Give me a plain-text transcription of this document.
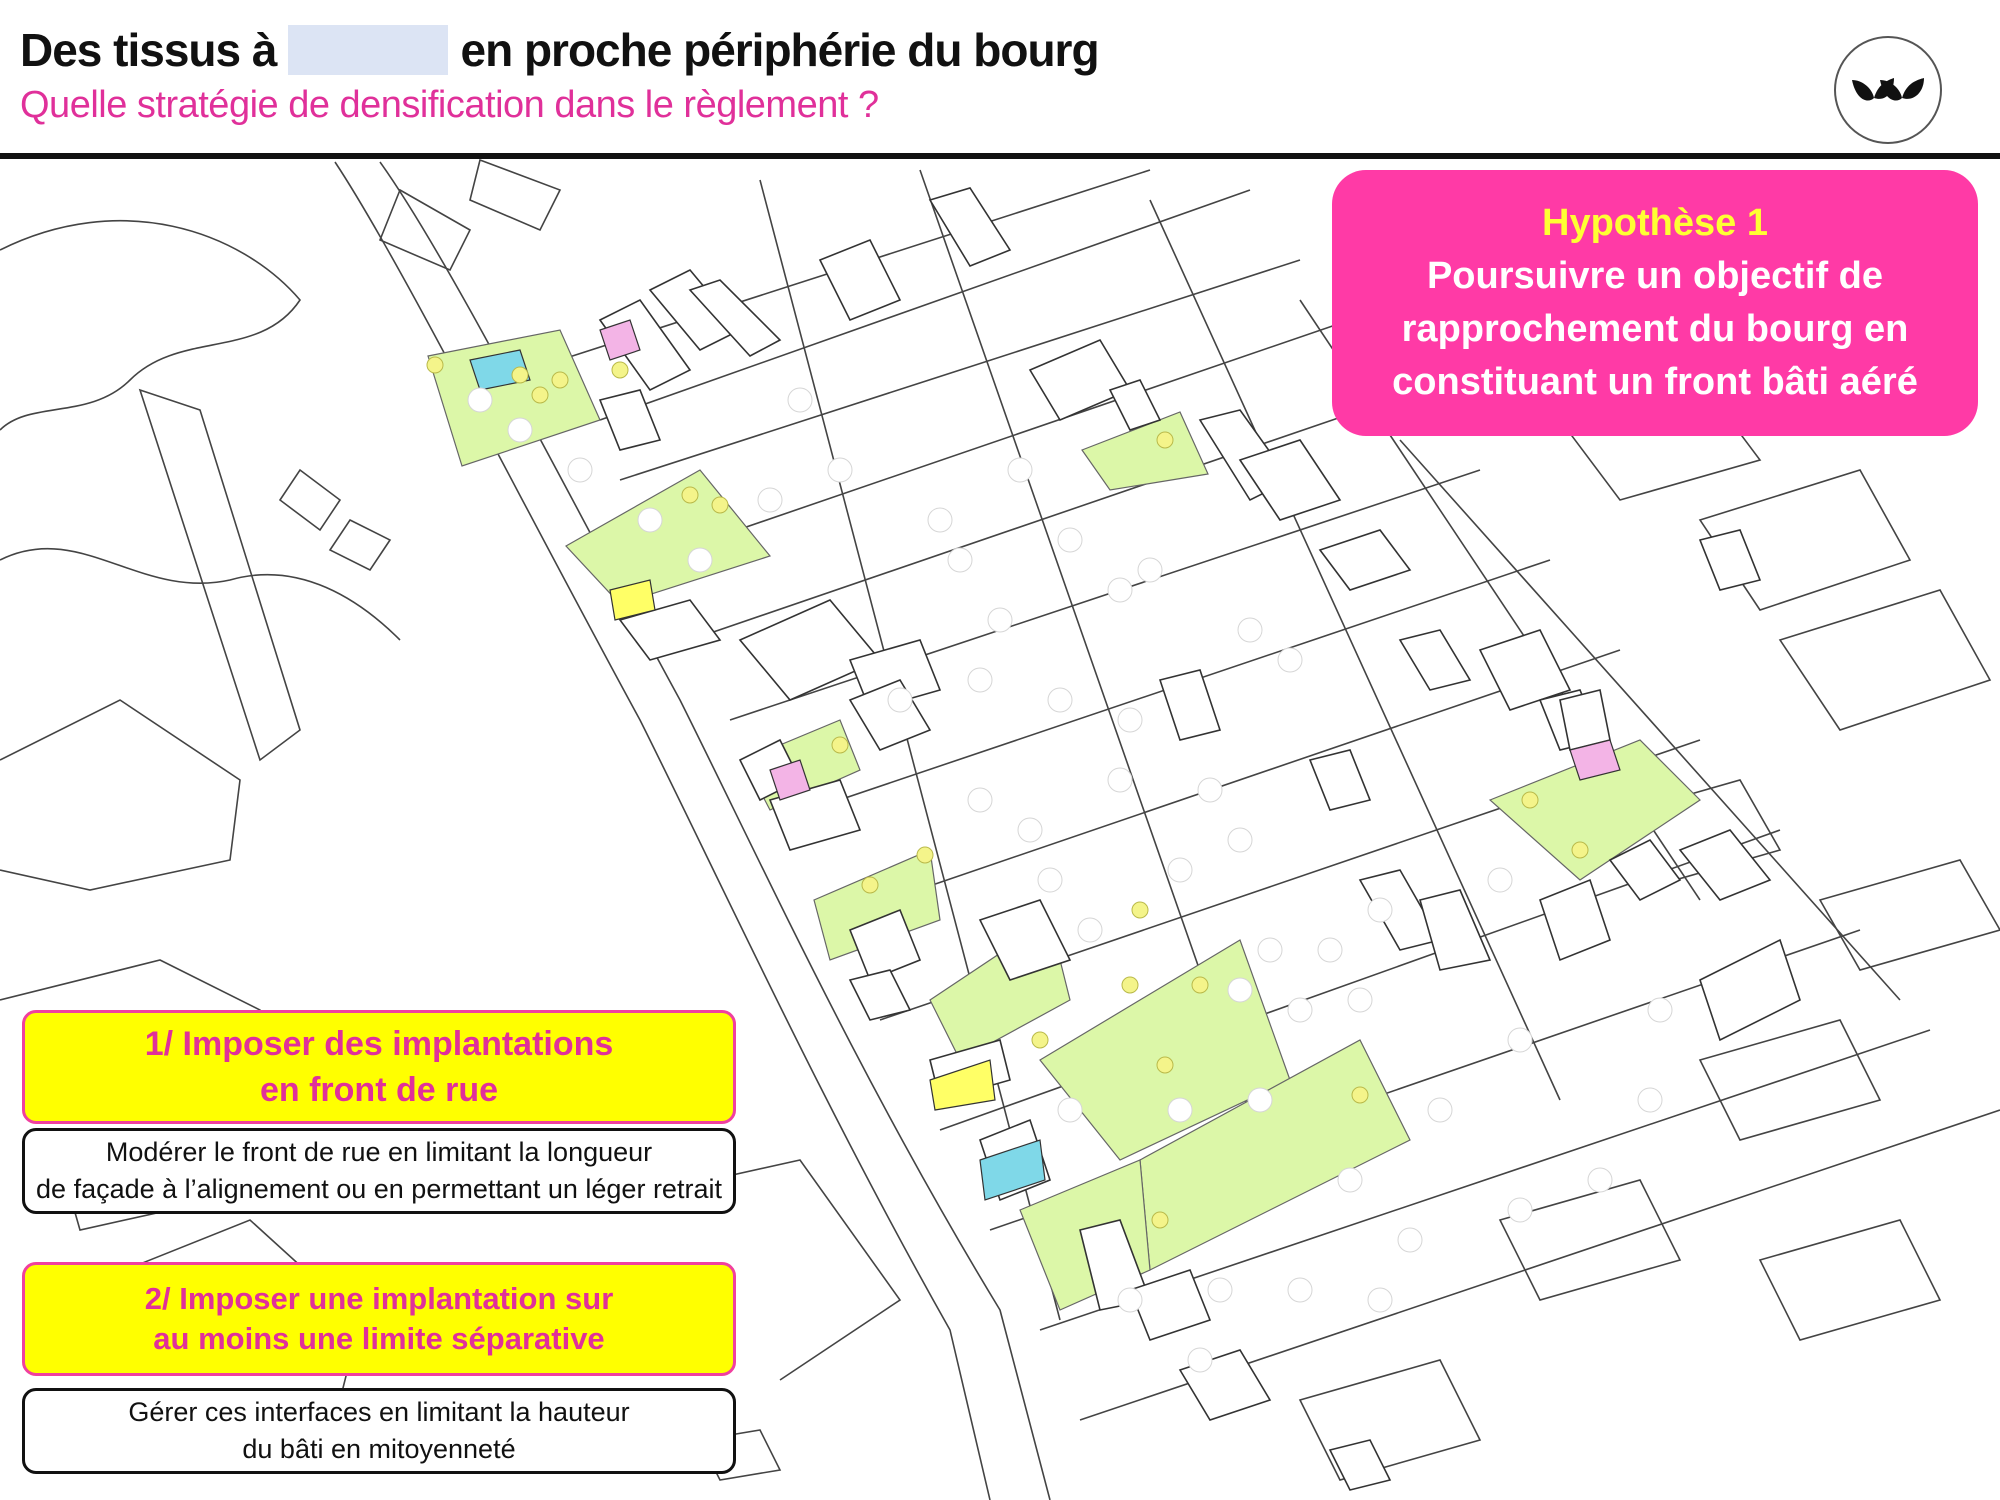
Des tissus à	en proche périphérie du bourg
Quelle stratégie de densification dans le règlement ?
Hypothèse 1
Poursuivre un objectif de
rapprochement du bourg en
constituant un front bâti aéré
1/ Imposer des implantations
en front de rue
Modérer le front de rue en limitant la longueur
de façade à l’alignement ou en permettant un léger retrait
2/ Imposer une implantation sur
au moins une limite séparative
Gérer ces interfaces en limitant la hauteur
du bâti en mitoyenneté
